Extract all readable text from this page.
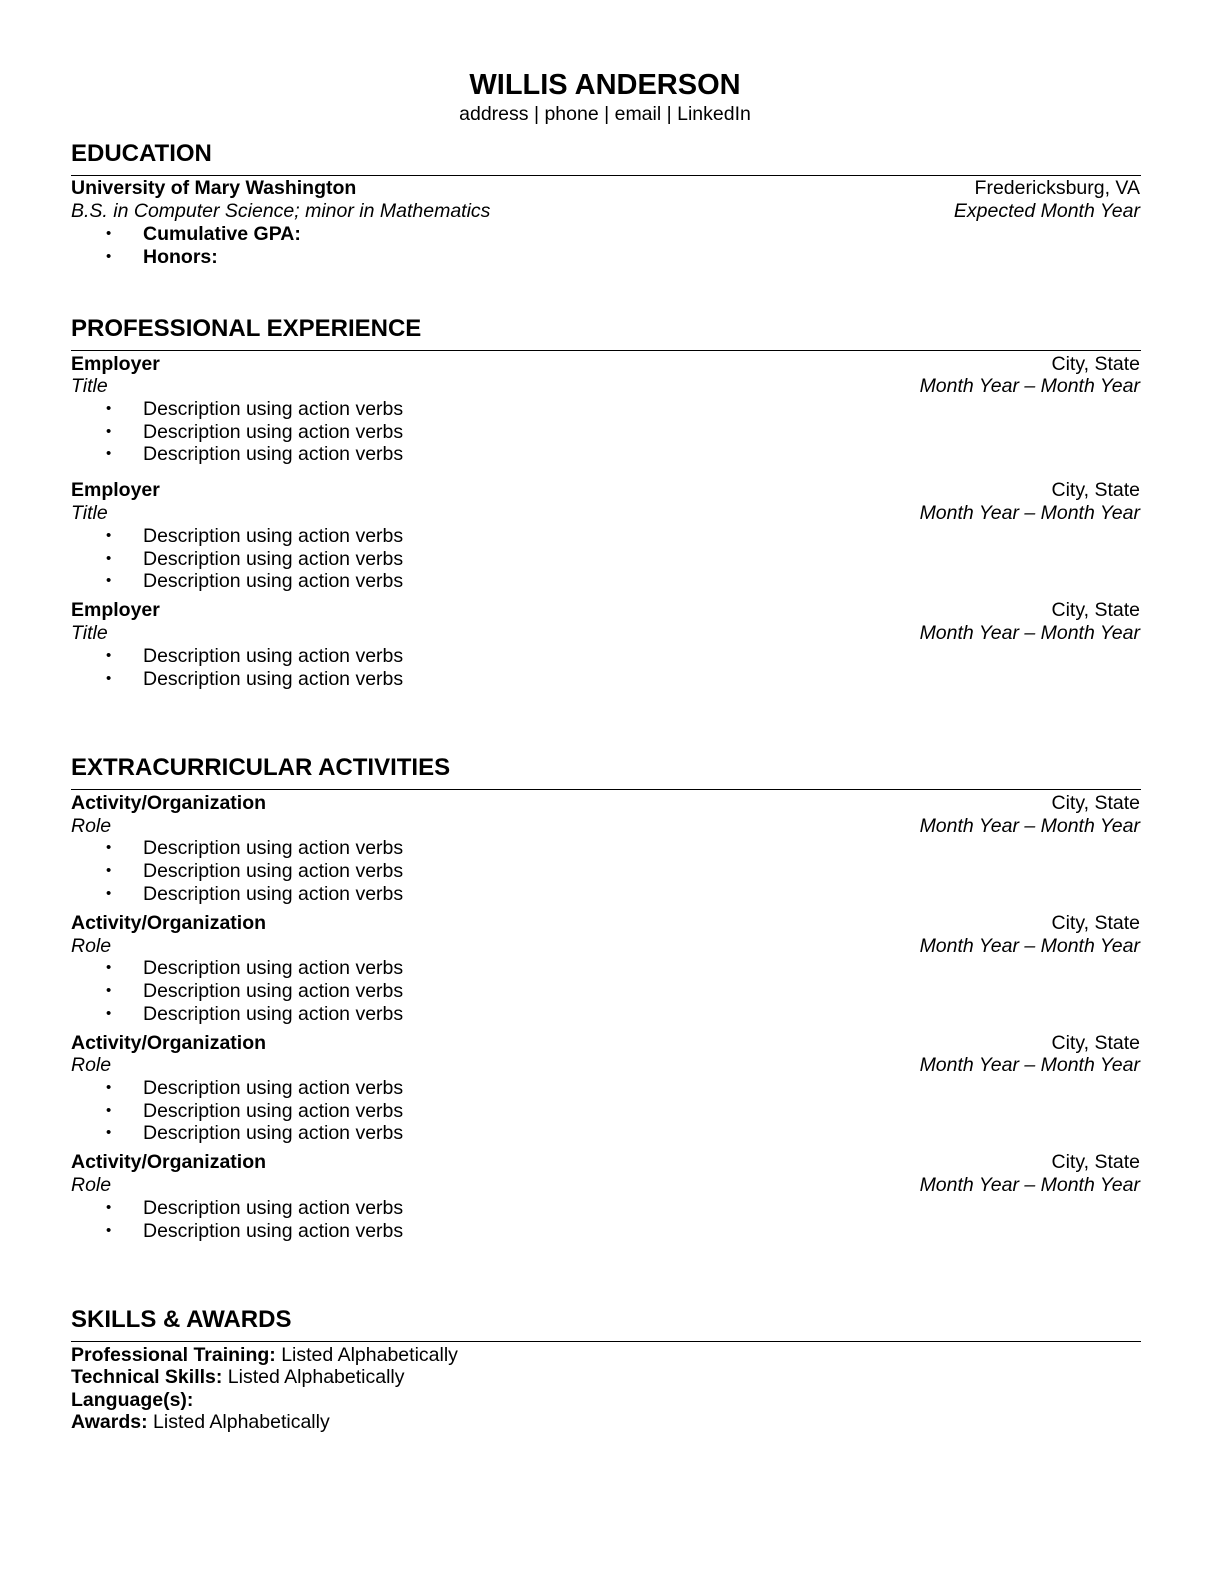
WILLIS ANDERSON
address | phone | email | LinkedIn
EDUCATION
University of Mary Washington	Fredericksburg, VA
B.S. in Computer Science; minor in Mathematics	Expected Month Year
• Cumulative GPA:
• Honors:
PROFESSIONAL EXPERIENCE
Employer	City, State
Title	Month Year – Month Year
• Description using action verbs
• Description using action verbs
• Description using action verbs
Employer	City, State
Title	Month Year – Month Year
• Description using action verbs
• Description using action verbs
• Description using action verbs
Employer	City, State
Title	Month Year – Month Year
• Description using action verbs
• Description using action verbs
EXTRACURRICULAR ACTIVITIES
Activity/Organization	City, State
Role	Month Year – Month Year
• Description using action verbs
• Description using action verbs
• Description using action verbs
Activity/Organization	City, State
Role	Month Year – Month Year
• Description using action verbs
• Description using action verbs
• Description using action verbs
Activity/Organization	City, State
Role	Month Year – Month Year
• Description using action verbs
• Description using action verbs
• Description using action verbs
Activity/Organization	City, State
Role	Month Year – Month Year
• Description using action verbs
• Description using action verbs
SKILLS & AWARDS
Professional Training: Listed Alphabetically
Technical Skills: Listed Alphabetically
Language(s):
Awards: Listed Alphabetically
